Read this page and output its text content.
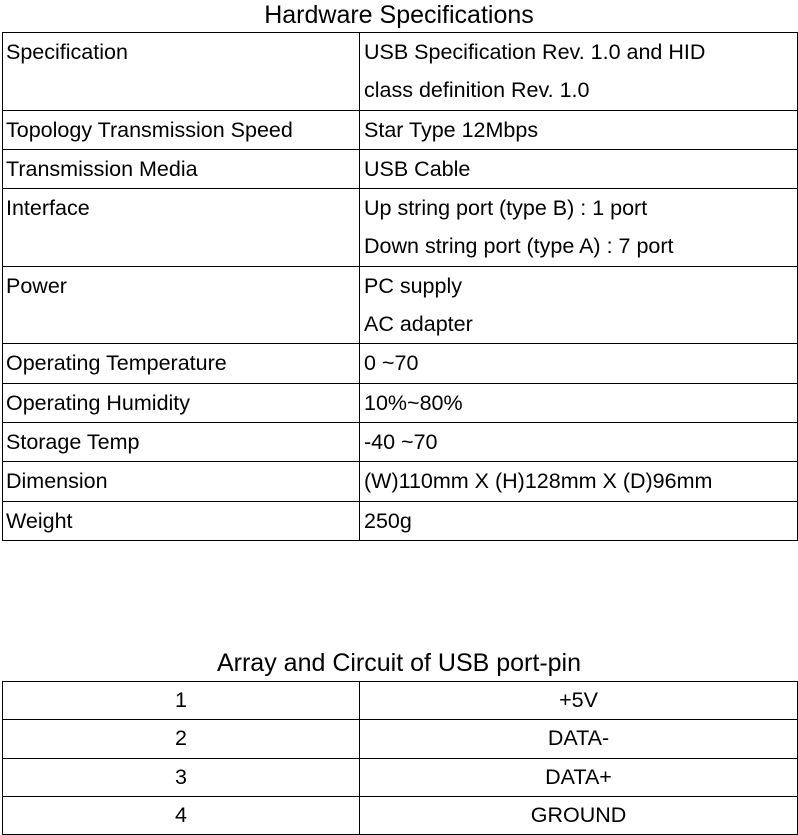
Hardware Specifications
Specification	USB Specification Rev. 1.0 and HID
class definition Rev. 1.0

Topology Transmission Speed	Star Type 12Mbps

Transmission Media	USB Cable

Interface	Up string port (type B) : 1 port
Down string port (type A) : 7 port

Power	PC supply
AC adapter

Operating Temperature	0 ~70

Operating Humidity	10%~80%

Storage Temp	-40 ~70

Dimension	(W)110mm X (H)128mm X (D)96mm

Weight	250g
Array and Circuit of USB port-pin
1	+5V
2	DATA-
3	DATA+
4	GROUND
